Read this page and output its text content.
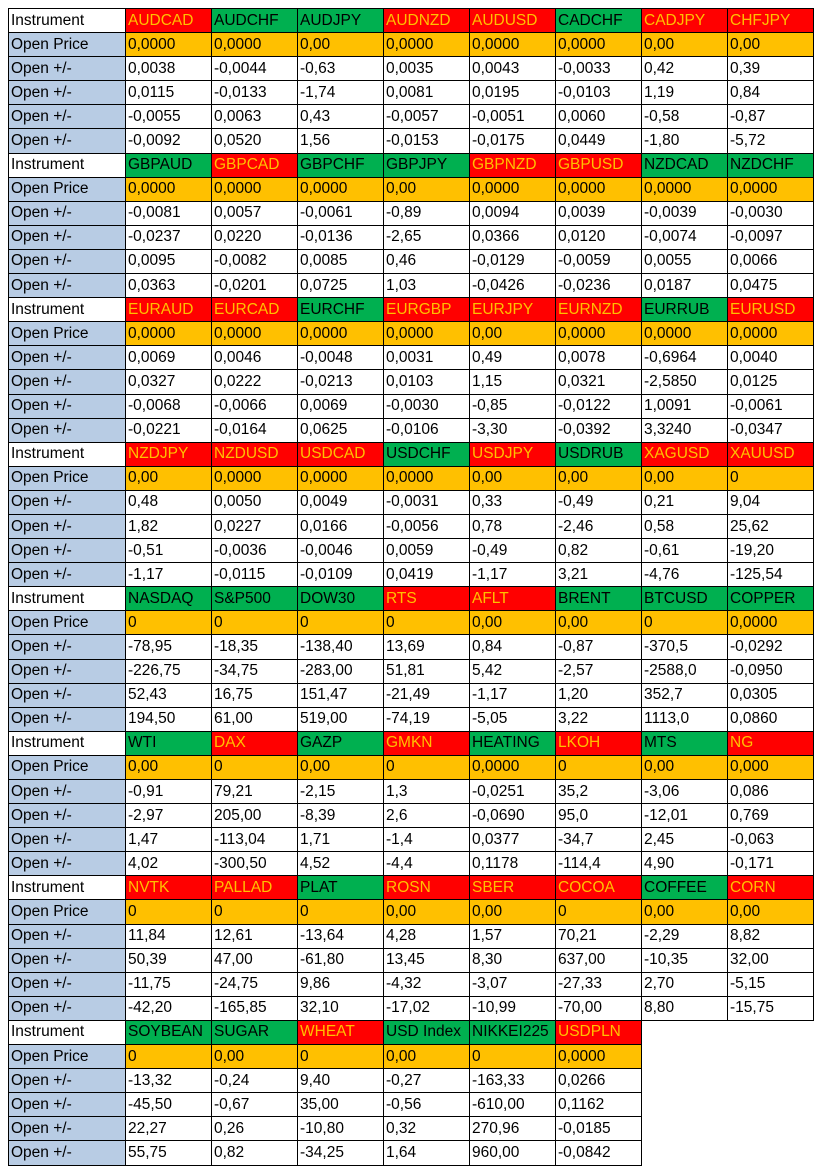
Instrument	AUDCAD	AUDCHF	AUDJPY	AUDNZD	AUDUSD	CADCHF	CADJPY	CHFJPY
Open Price	0,0000	0,0000	0,00	0,0000	0,0000	0,0000	0,00	0,00
Open +/-	0,0038	-0,0044	-0,63	0,0035	0,0043	-0,0033	0,42	0,39
Open +/-	0,0115	-0,0133	-1,74	0,0081	0,0195	-0,0103	1,19	0,84
Open +/-	-0,0055	0,0063	0,43	-0,0057	-0,0051	0,0060	-0,58	-0,87
Open +/-	-0,0092	0,0520	1,56	-0,0153	-0,0175	0,0449	-1,80	-5,72
Instrument	GBPAUD	GBPCAD	GBPCHF	GBPJPY	GBPNZD	GBPUSD	NZDCAD	NZDCHF
Open Price	0,0000	0,0000	0,0000	0,00	0,0000	0,0000	0,0000	0,0000
Open +/-	-0,0081	0,0057	-0,0061	-0,89	0,0094	0,0039	-0,0039	-0,0030
Open +/-	-0,0237	0,0220	-0,0136	-2,65	0,0366	0,0120	-0,0074	-0,0097
Open +/-	0,0095	-0,0082	0,0085	0,46	-0,0129	-0,0059	0,0055	0,0066
Open +/-	0,0363	-0,0201	0,0725	1,03	-0,0426	-0,0236	0,0187	0,0475
Instrument	EURAUD	EURCAD	EURCHF	EURGBP	EURJPY	EURNZD	EURRUB	EURUSD
Open Price	0,0000	0,0000	0,0000	0,0000	0,00	0,0000	0,0000	0,0000
Open +/-	0,0069	0,0046	-0,0048	0,0031	0,49	0,0078	-0,6964	0,0040
Open +/-	0,0327	0,0222	-0,0213	0,0103	1,15	0,0321	-2,5850	0,0125
Open +/-	-0,0068	-0,0066	0,0069	-0,0030	-0,85	-0,0122	1,0091	-0,0061
Open +/-	-0,0221	-0,0164	0,0625	-0,0106	-3,30	-0,0392	3,3240	-0,0347
Instrument	NZDJPY	NZDUSD	USDCAD	USDCHF	USDJPY	USDRUB	XAGUSD	XAUUSD
Open Price	0,00	0,0000	0,0000	0,0000	0,00	0,00	0,00	0
Open +/-	0,48	0,0050	0,0049	-0,0031	0,33	-0,49	0,21	9,04
Open +/-	1,82	0,0227	0,0166	-0,0056	0,78	-2,46	0,58	25,62
Open +/-	-0,51	-0,0036	-0,0046	0,0059	-0,49	0,82	-0,61	-19,20
Open +/-	-1,17	-0,0115	-0,0109	0,0419	-1,17	3,21	-4,76	-125,54
Instrument	NASDAQ	S&P500	DOW30	RTS	AFLT	BRENT	BTCUSD	COPPER
Open Price	0	0	0	0	0,00	0,00	0	0,0000
Open +/-	-78,95	-18,35	-138,40	13,69	0,84	-0,87	-370,5	-0,0292
Open +/-	-226,75	-34,75	-283,00	51,81	5,42	-2,57	-2588,0	-0,0950
Open +/-	52,43	16,75	151,47	-21,49	-1,17	1,20	352,7	0,0305
Open +/-	194,50	61,00	519,00	-74,19	-5,05	3,22	1113,0	0,0860
Instrument	WTI	DAX	GAZP	GMKN	HEATING	LKOH	MTS	NG
Open Price	0,00	0	0,00	0	0,0000	0	0,00	0,000
Open +/-	-0,91	79,21	-2,15	1,3	-0,0251	35,2	-3,06	0,086
Open +/-	-2,97	205,00	-8,39	2,6	-0,0690	95,0	-12,01	0,769
Open +/-	1,47	-113,04	1,71	-1,4	0,0377	-34,7	2,45	-0,063
Open +/-	4,02	-300,50	4,52	-4,4	0,1178	-114,4	4,90	-0,171
Instrument	NVTK	PALLAD	PLAT	ROSN	SBER	COCOA	COFFEE	CORN
Open Price	0	0	0	0,00	0,00	0	0,00	0,00
Open +/-	11,84	12,61	-13,64	4,28	1,57	70,21	-2,29	8,82
Open +/-	50,39	47,00	-61,80	13,45	8,30	637,00	-10,35	32,00
Open +/-	-11,75	-24,75	9,86	-4,32	-3,07	-27,33	2,70	-5,15
Open +/-	-42,20	-165,85	32,10	-17,02	-10,99	-70,00	8,80	-15,75
Instrument	SOYBEAN	SUGAR	WHEAT	USD Index	NIKKEI225	USDPLN		
Open Price	0	0,00	0	0,00	0	0,0000		
Open +/-	-13,32	-0,24	9,40	-0,27	-163,33	0,0266		
Open +/-	-45,50	-0,67	35,00	-0,56	-610,00	0,1162		
Open +/-	22,27	0,26	-10,80	0,32	270,96	-0,0185		
Open +/-	55,75	0,82	-34,25	1,64	960,00	-0,0842		
